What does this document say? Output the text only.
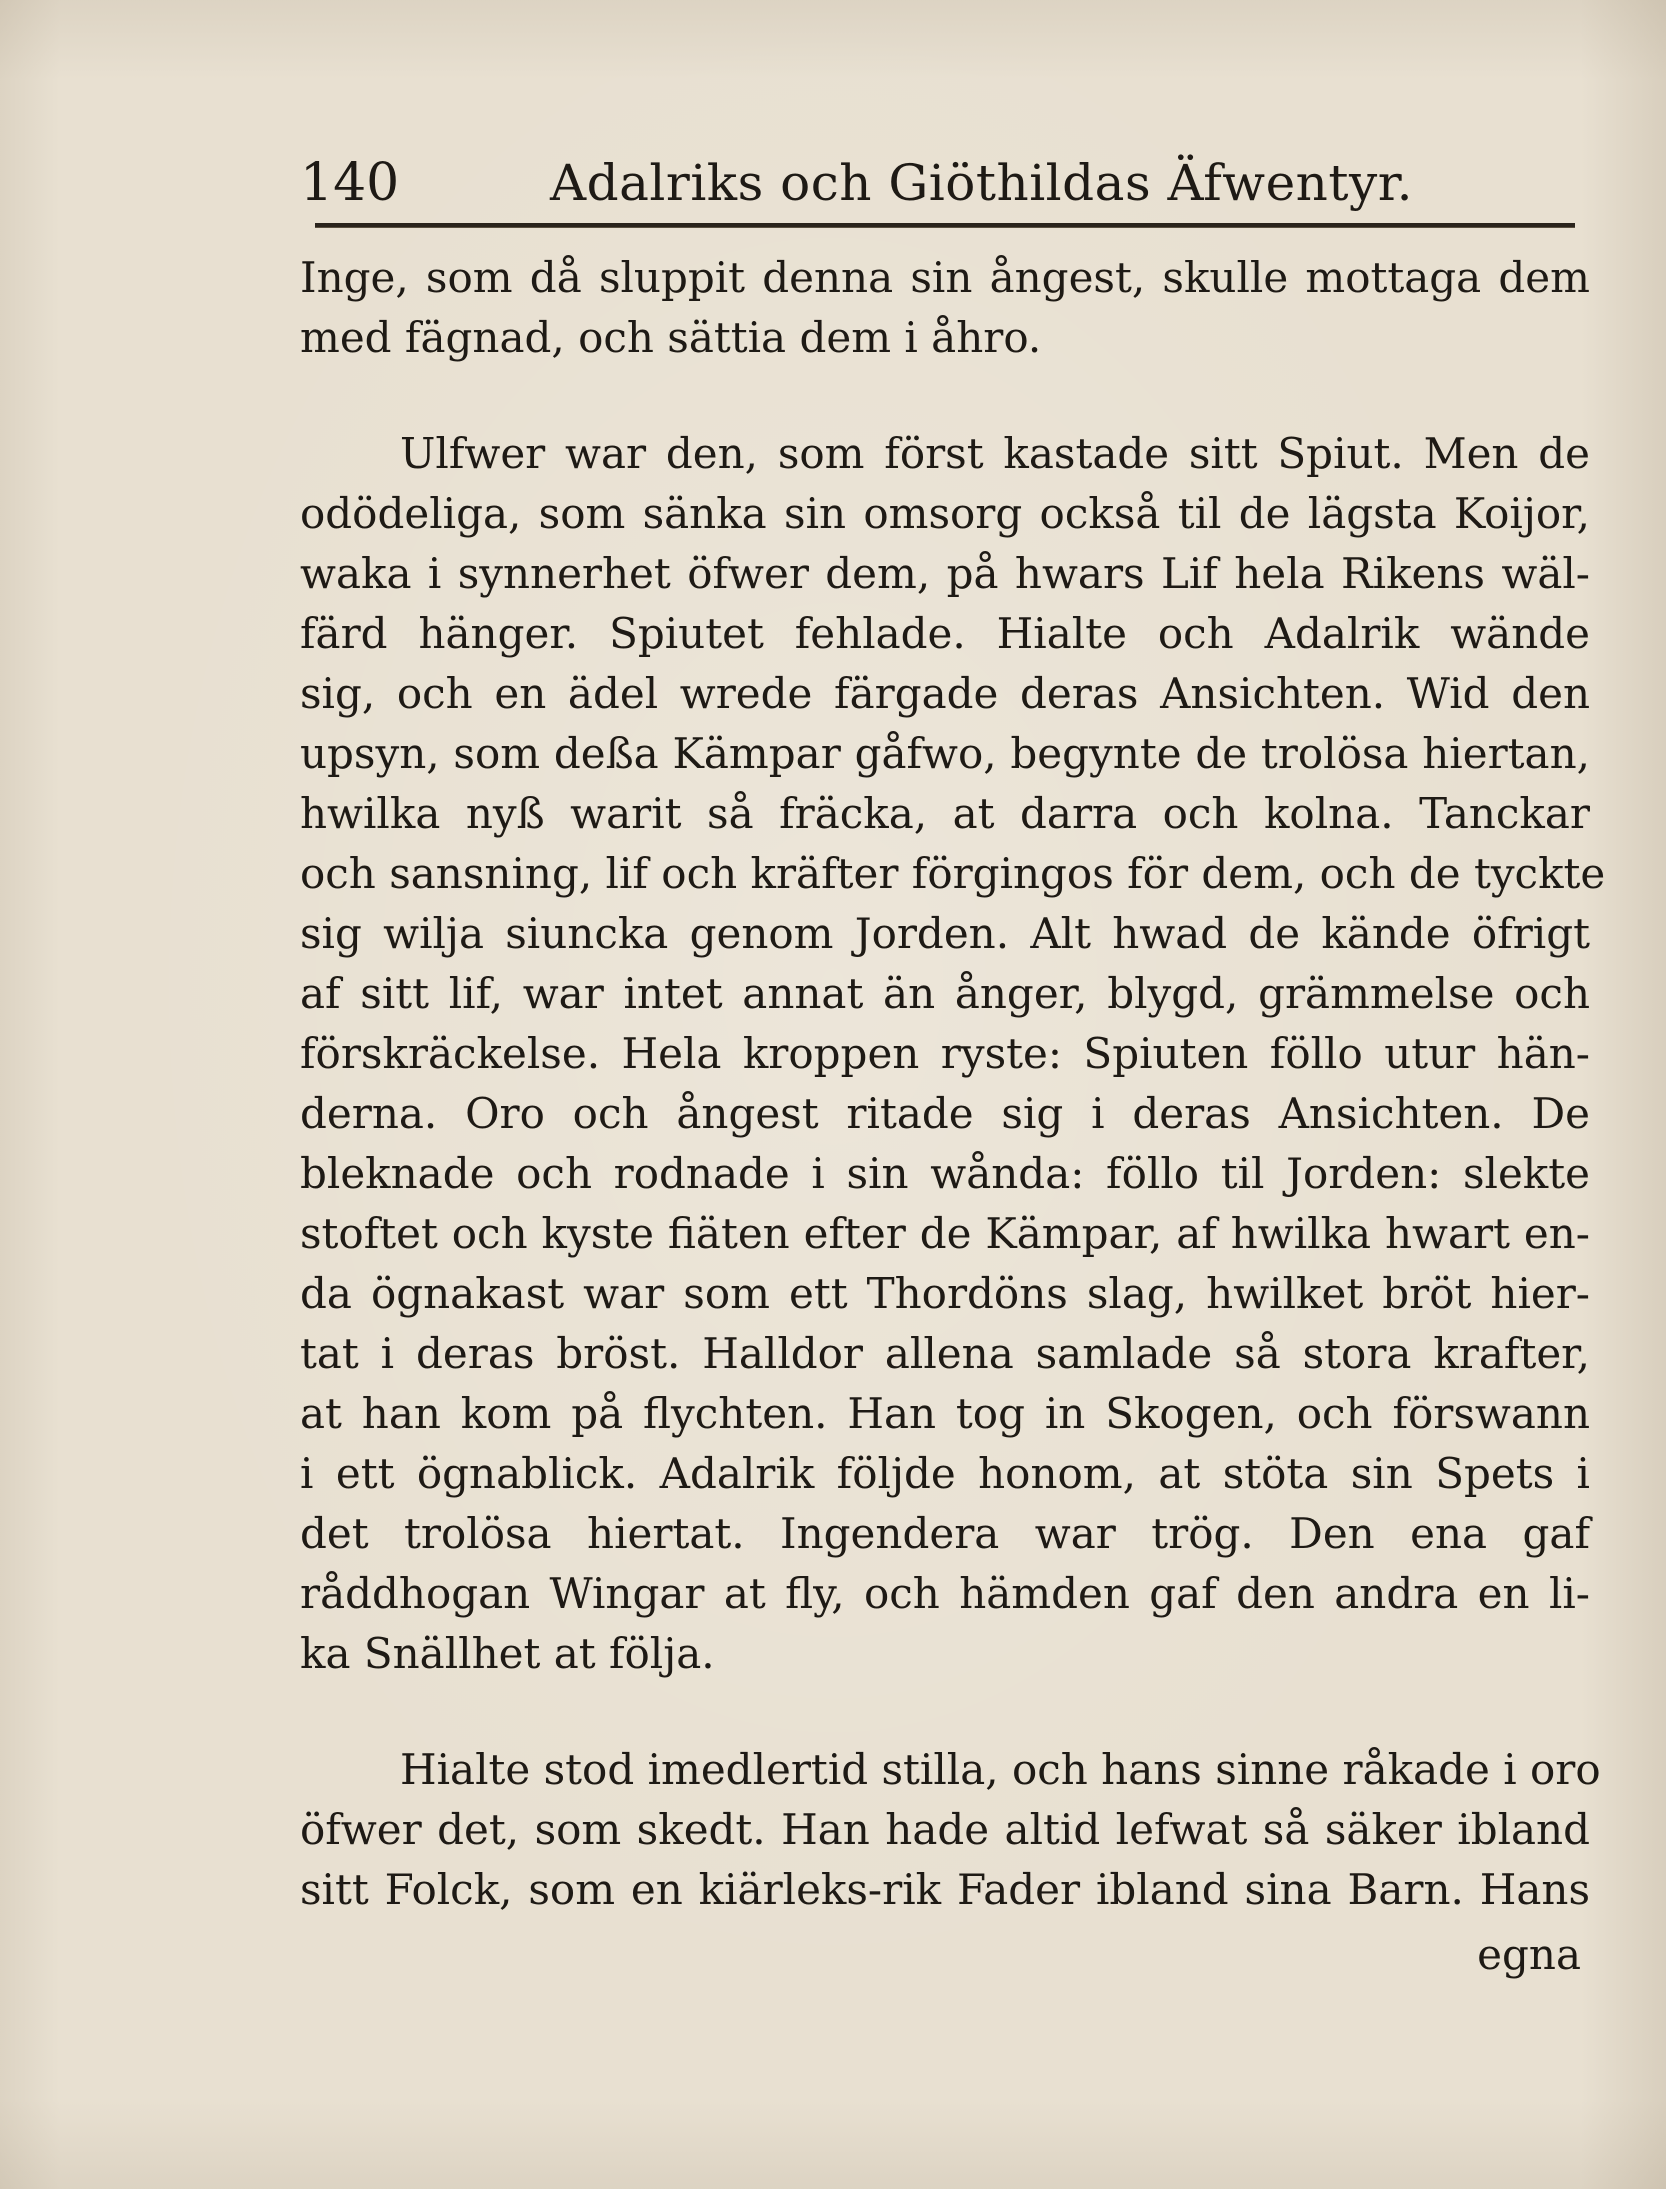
140	Adalriks och Giöthildas Äfwentyr.
Inge, som då sluppit denna sin ångest, skulle mottaga dem
med fägnad, och sättia dem i åhro.
Ulfwer war den, som först kastade sitt Spiut. Men de
odödeliga, som sänka sin omsorg också til de lägsta Koijor,
waka i synnerhet öfwer dem, på hwars Lif hela Rikens wäl-
färd hänger. Spiutet fehlade. Hialte och Adalrik wände
sig, och en ädel wrede färgade deras Ansichten. Wid den
upsyn, som deßa Kämpar gåfwo, begynte de trolösa hiertan,
hwilka nyß warit så fräcka, at darra och kolna. Tanckar
och sansning, lif och kräfter förgingos för dem, och de tyckte
sig wilja siuncka genom Jorden. Alt hwad de kände öfrigt
af sitt lif, war intet annat än ånger, blygd, grämmelse och
förskräckelse. Hela kroppen ryste: Spiuten föllo utur hän-
derna. Oro och ångest ritade sig i deras Ansichten. De
bleknade och rodnade i sin wånda: föllo til Jorden: slekte
stoftet och kyste fiäten efter de Kämpar, af hwilka hwart en-
da ögnakast war som ett Thordöns slag, hwilket bröt hier-
tat i deras bröst. Halldor allena samlade så stora krafter,
at han kom på flychten. Han tog in Skogen, och förswann
i ett ögnablick. Adalrik följde honom, at stöta sin Spets i
det trolösa hiertat. Ingendera war trög. Den ena gaf
råddhogan Wingar at fly, och hämden gaf den andra en li-
ka Snällhet at följa.
Hialte stod imedlertid stilla, och hans sinne råkade i oro
öfwer det, som skedt. Han hade altid lefwat så säker ibland
sitt Folck, som en kiärleks-rik Fader ibland sina Barn. Hans
egna
